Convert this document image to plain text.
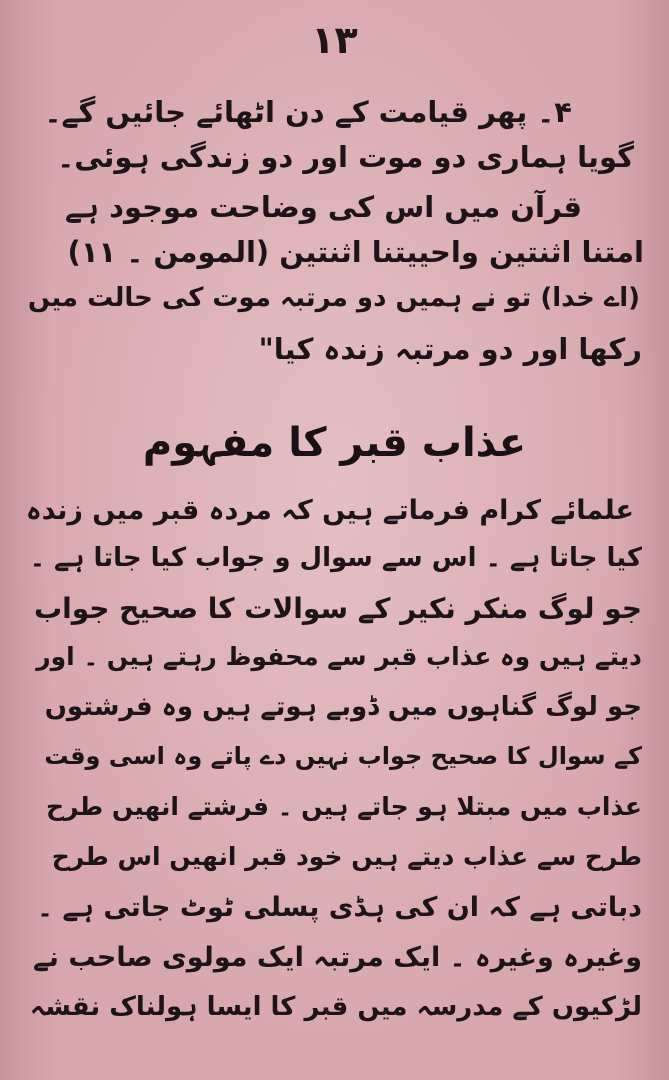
۱۳
۴۔ پھر قیامت کے دن اٹھائے جائیں گے۔
گویا ہماری دو موت اور دو زندگی ہوئی۔
قرآن میں اس کی وضاحت موجود ہے
امتنا اثنتین واحییتنا اثنتین (المومن ۔ ۱۱)
(اے خدا) تو نے ہمیں دو مرتبہ موت کی حالت میں
رکھا اور دو مرتبہ زندہ کیا"
عذاب قبر کا مفہوم
علمائے کرام فرماتے ہیں کہ مردہ قبر میں زندہ
کیا جاتا ہے ۔ اس سے سوال و جواب کیا جاتا ہے ۔
جو لوگ منکر نکیر کے سوالات کا صحیح جواب
دیتے ہیں وہ عذاب قبر سے محفوظ رہتے ہیں ۔ اور
جو لوگ گناہوں میں ڈوبے ہوتے ہیں وہ فرشتوں
کے سوال کا صحیح جواب نہیں دے پاتے وہ اسی وقت
عذاب میں مبتلا ہو جاتے ہیں ۔ فرشتے انھیں طرح
طرح سے عذاب دیتے ہیں خود قبر انھیں اس طرح
دباتی ہے کہ ان کی ہڈی پسلی ٹوٹ جاتی ہے ۔
وغیرہ وغیرہ ۔ ایک مرتبہ ایک مولوی صاحب نے
لڑکیوں کے مدرسہ میں قبر کا ایسا ہولناک نقشہ
